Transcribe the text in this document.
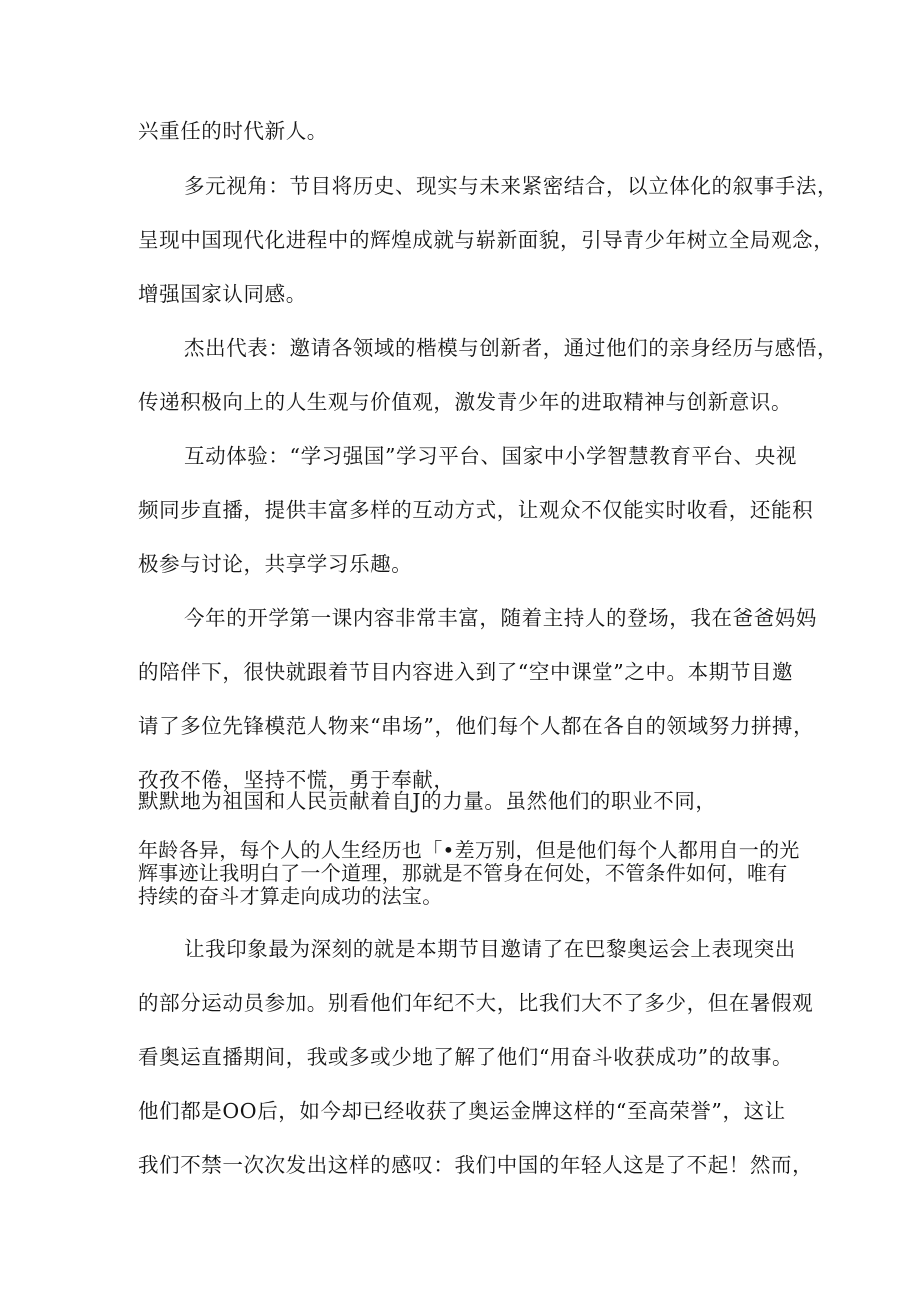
兴重任的时代新人。
多元视角：节目将历史、现实与未来紧密结合，以立体化的叙事手法，
呈现中国现代化进程中的辉煌成就与崭新面貌，引导青少年树立全局观念，
增强国家认同感。
杰出代表：邀请各领域的楷模与创新者，通过他们的亲身经历与感悟，
传递积极向上的人生观与价值观，激发青少年的进取精神与创新意识。
互动体验：“学习强国”学习平台、国家中小学智慧教育平台、央视
频同步直播，提供丰富多样的互动方式，让观众不仅能实时收看，还能积
极参与讨论，共享学习乐趣。
今年的开学第一课内容非常丰富，随着主持人的登场，我在爸爸妈妈
的陪伴下，很快就跟着节目内容进入到了“空中课堂”之中。本期节目邀
请了多位先锋模范人物来“串场”，他们每个人都在各自的领域努力拼搏，
孜孜不倦，坚持不慌，勇于奉献，
默默地为祖国和人民贡献着自J的力量。虽然他们的职业不同，
年龄各异，每个人的人生经历也「•差万别，但是他们每个人都用自一的光
辉事迹让我明白了一个道理，那就是不管身在何处，不管条件如何，唯有
持续的奋斗才算走向成功的法宝。
让我印象最为深刻的就是本期节目邀请了在巴黎奥运会上表现突出
的部分运动员参加。别看他们年纪不大，比我们大不了多少，但在暑假观
看奥运直播期间，我或多或少地了解了他们“用奋斗收获成功”的故事。
他们都是OO后，如今却已经收获了奥运金牌这样的“至高荣誉”，这让
我们不禁一次次发出这样的感叹：我们中国的年轻人这是了不起！然而，
